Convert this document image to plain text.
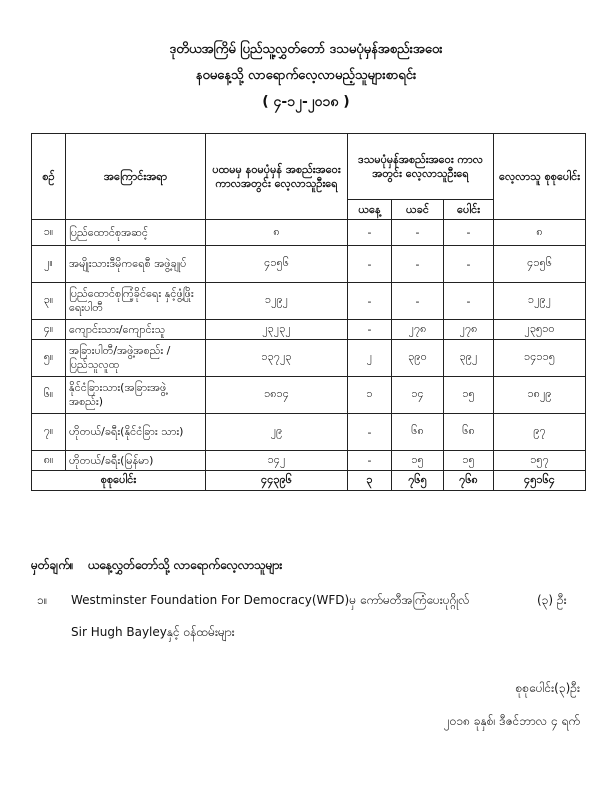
ဒုတိယအကြိမ် ပြည်သူ့လွှတ်တော် ဒသမပုံမှန်အစည်းအဝေး
နဝမနေ့သို့ လာရောက်လေ့လာမည့်သူများစာရင်း
( ၄-၁၂-၂၀၁၈ )
စဉ်	အကြောင်းအရာ	ပထမမှ နဝမပုံမှန် အစည်းအဝေးကာလအတွင်း လေ့လာသူဦးရေ	ဒသမပုံမှန်အစည်းအဝေး ကာလအတွင်း လေ့လာသူဦးရေ			လေ့လာသူ စုစုပေါင်း
			ယနေ့	ယခင်	ပေါင်း	
၁။	ပြည်ထောင်စုအဆင့်	၈	-	-	-	၈
၂။	အမျိုးသားဒီမိုကရေစီ အဖွဲ့ချုပ်	၄၁၅၆	-	-	-	၄၁၅၆
၃။	ပြည်ထောင်စုကြံ့ခိုင်ရေး နှင့်ဖွံ့ဖြိုးရေးပါတီ	၁၂၉၂	-	-	-	၁၂၉၂
၄။	ကျောင်းသား/ကျောင်းသူ	၂၃၂၃၂	-	၂၇၈	၂၇၈	၂၃၅၁၀
၅။	အခြားပါတီ/အဖွဲ့အစည်း / ပြည်သူလူထု	၁၃၇၂၃	၂	၃၉၀	၃၉၂	၁၄၁၁၅
၆။	နိုင်ငံခြားသား(အခြားအဖွဲ့ အစည်း)	၁၈၁၄	၁	၁၄	၁၅	၁၈၂၉
၇။	ဟိုတယ်/ခရီး(နိုင်ငံခြား သား)	၂၉	-	၆၈	၆၈	၉၇
၈။	ဟိုတယ်/ခရီး(မြန်မာ)	၁၄၂	-	၁၅	၁၅	၁၅၇
စုစုပေါင်း		၄၄၃၉၆	၃	၇၆၅	၇၆၈	၄၅၁၆၄
မှတ်ချက်။ ယနေ့လွှတ်တော်သို့ လာရောက်လေ့လာသူများ
၁။ Westminster Foundation For Democracy(WFD)မှ ကော်မတီအကြံပေးပုဂ္ဂိုလ်	(၃) ဦး
Sir Hugh Bayleyနှင့် ဝန်ထမ်းများ
စုစုပေါင်း(၃)ဦး
၂၀၁၈ ခုနှစ်၊ ဒီဇင်ဘာလ ၄ ရက်
